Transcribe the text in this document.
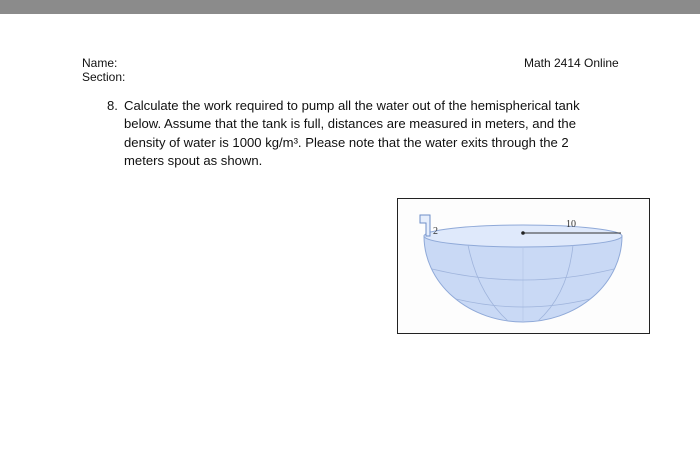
Name:
Section:
Math 2414 Online
8. Calculate the work required to pump all the water out of the hemispherical tank
below. Assume that the tank is full, distances are measured in meters, and the
density of water is 1000 kg/m³. Please note that the water exits through the 2
meters spout as shown.
10
2
